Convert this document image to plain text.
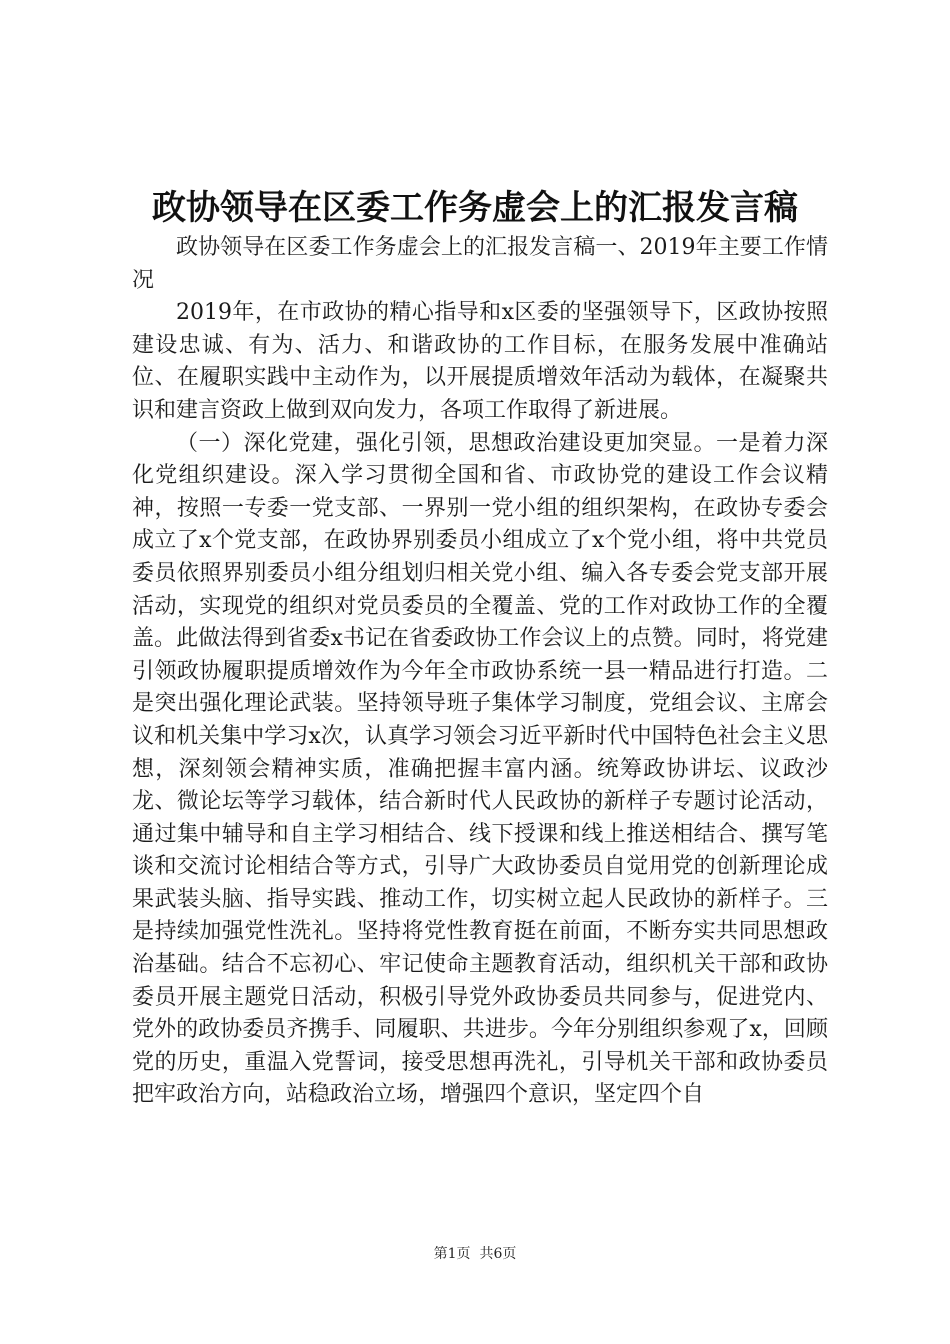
政协领导在区委工作务虚会上的汇报发言稿

政协领导在区委工作务虚会上的汇报发言稿一、2019年主要工作情况

2019年，在市政协的精心指导和x区委的坚强领导下，区政协按照建设忠诚、有为、活力、和谐政协的工作目标，在服务发展中准确站位、在履职实践中主动作为，以开展提质增效年活动为载体，在凝聚共识和建言资政上做到双向发力，各项工作取得了新进展。

（一）深化党建，强化引领，思想政治建设更加突显。一是着力深化党组织建设。深入学习贯彻全国和省、市政协党的建设工作会议精神，按照一专委一党支部、一界别一党小组的组织架构，在政协专委会成立了x个党支部，在政协界别委员小组成立了x个党小组，将中共党员委员依照界别委员小组分组划归相关党小组、编入各专委会党支部开展活动，实现党的组织对党员委员的全覆盖、党的工作对政协工作的全覆盖。此做法得到省委x书记在省委政协工作会议上的点赞。同时，将党建引领政协履职提质增效作为今年全市政协系统一县一精品进行打造。二是突出强化理论武装。坚持领导班子集体学习制度，党组会议、主席会议和机关集中学习x次，认真学习领会习近平新时代中国特色社会主义思想，深刻领会精神实质，准确把握丰富内涵。统筹政协讲坛、议政沙龙、微论坛等学习载体，结合新时代人民政协的新样子专题讨论活动，通过集中辅导和自主学习相结合、线下授课和线上推送相结合、撰写笔谈和交流讨论相结合等方式，引导广大政协委员自觉用党的创新理论成果武装头脑、指导实践、推动工作，切实树立起人民政协的新样子。三是持续加强党性洗礼。坚持将党性教育挺在前面，不断夯实共同思想政治基础。结合不忘初心、牢记使命主题教育活动，组织机关干部和政协委员开展主题党日活动，积极引导党外政协委员共同参与，促进党内、党外的政协委员齐携手、同履职、共进步。今年分别组织参观了x，回顾党的历史，重温入党誓词，接受思想再洗礼，引导机关干部和政协委员把牢政治方向，站稳政治立场，增强四个意识，坚定四个自

第1页  共6页
